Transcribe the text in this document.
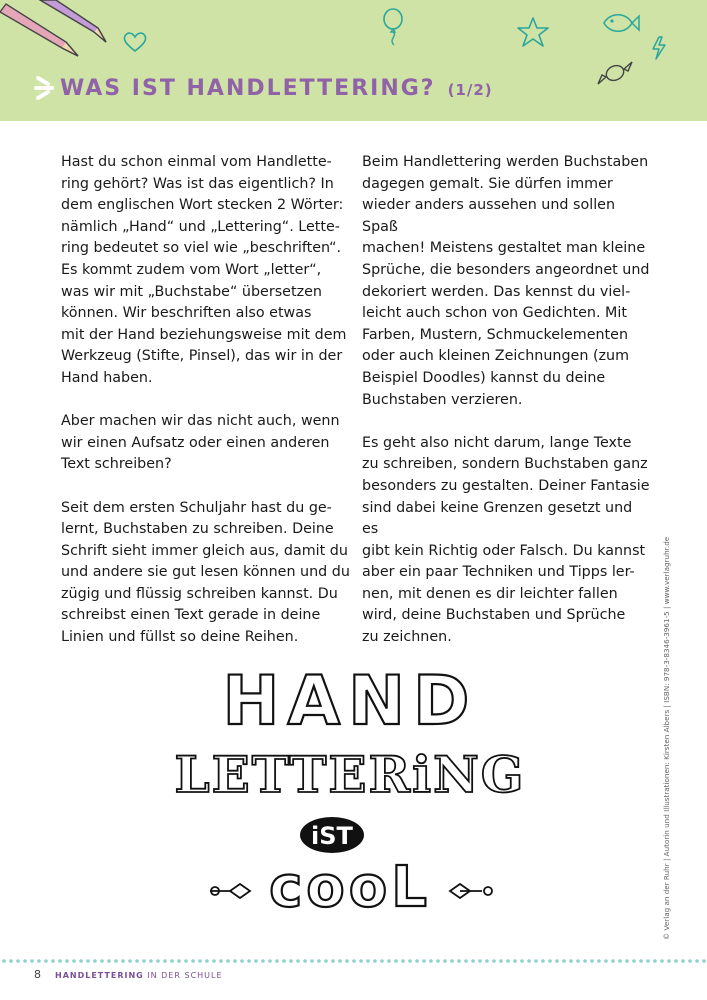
WAS IST HANDLETTERING? (1/2)

Hast du schon einmal vom Handlette-
ring gehört? Was ist das eigentlich? In
dem englischen Wort stecken 2 Wörter:
nämlich „Hand“ und „Lettering“. Lette-
ring bedeutet so viel wie „beschriften“.
Es kommt zudem vom Wort „letter“,
was wir mit „Buchstabe“ übersetzen
können. Wir beschriften also etwas
mit der Hand beziehungsweise mit dem
Werkzeug (Stifte, Pinsel), das wir in der
Hand haben.

Aber machen wir das nicht auch, wenn
wir einen Aufsatz oder einen anderen
Text schreiben?

Seit dem ersten Schuljahr hast du ge-
lernt, Buchstaben zu schreiben. Deine
Schrift sieht immer gleich aus, damit du
und andere sie gut lesen können und du
zügig und flüssig schreiben kannst. Du
schreibst einen Text gerade in deine
Linien und füllst so deine Reihen.

Beim Handlettering werden Buchstaben
dagegen gemalt. Sie dürfen immer
wieder anders aussehen und sollen Spaß
machen! Meistens gestaltet man kleine
Sprüche, die besonders angeordnet und
dekoriert werden. Das kennst du viel-
leicht auch schon von Gedichten. Mit
Farben, Mustern, Schmuckelementen
oder auch kleinen Zeichnungen (zum
Beispiel Doodles) kannst du deine
Buchstaben verzieren.

Es geht also nicht darum, lange Texte
zu schreiben, sondern Buchstaben ganz
besonders zu gestalten. Deiner Fantasie
sind dabei keine Grenzen gesetzt und es
gibt kein Richtig oder Falsch. Du kannst
aber ein paar Techniken und Tipps ler-
nen, mit denen es dir leichter fallen
wird, deine Buchstaben und Sprüche
zu zeichnen.	© Verlag an der Ruhr | Autorin und Illustrationen: Kirsten Albers | ISBN: 978-3-8346-3961-5 | www.verlagruhr.de
HAND
LETTERiNG
iST
cooL
8 HANDLETTERING IN DER SCHULE
